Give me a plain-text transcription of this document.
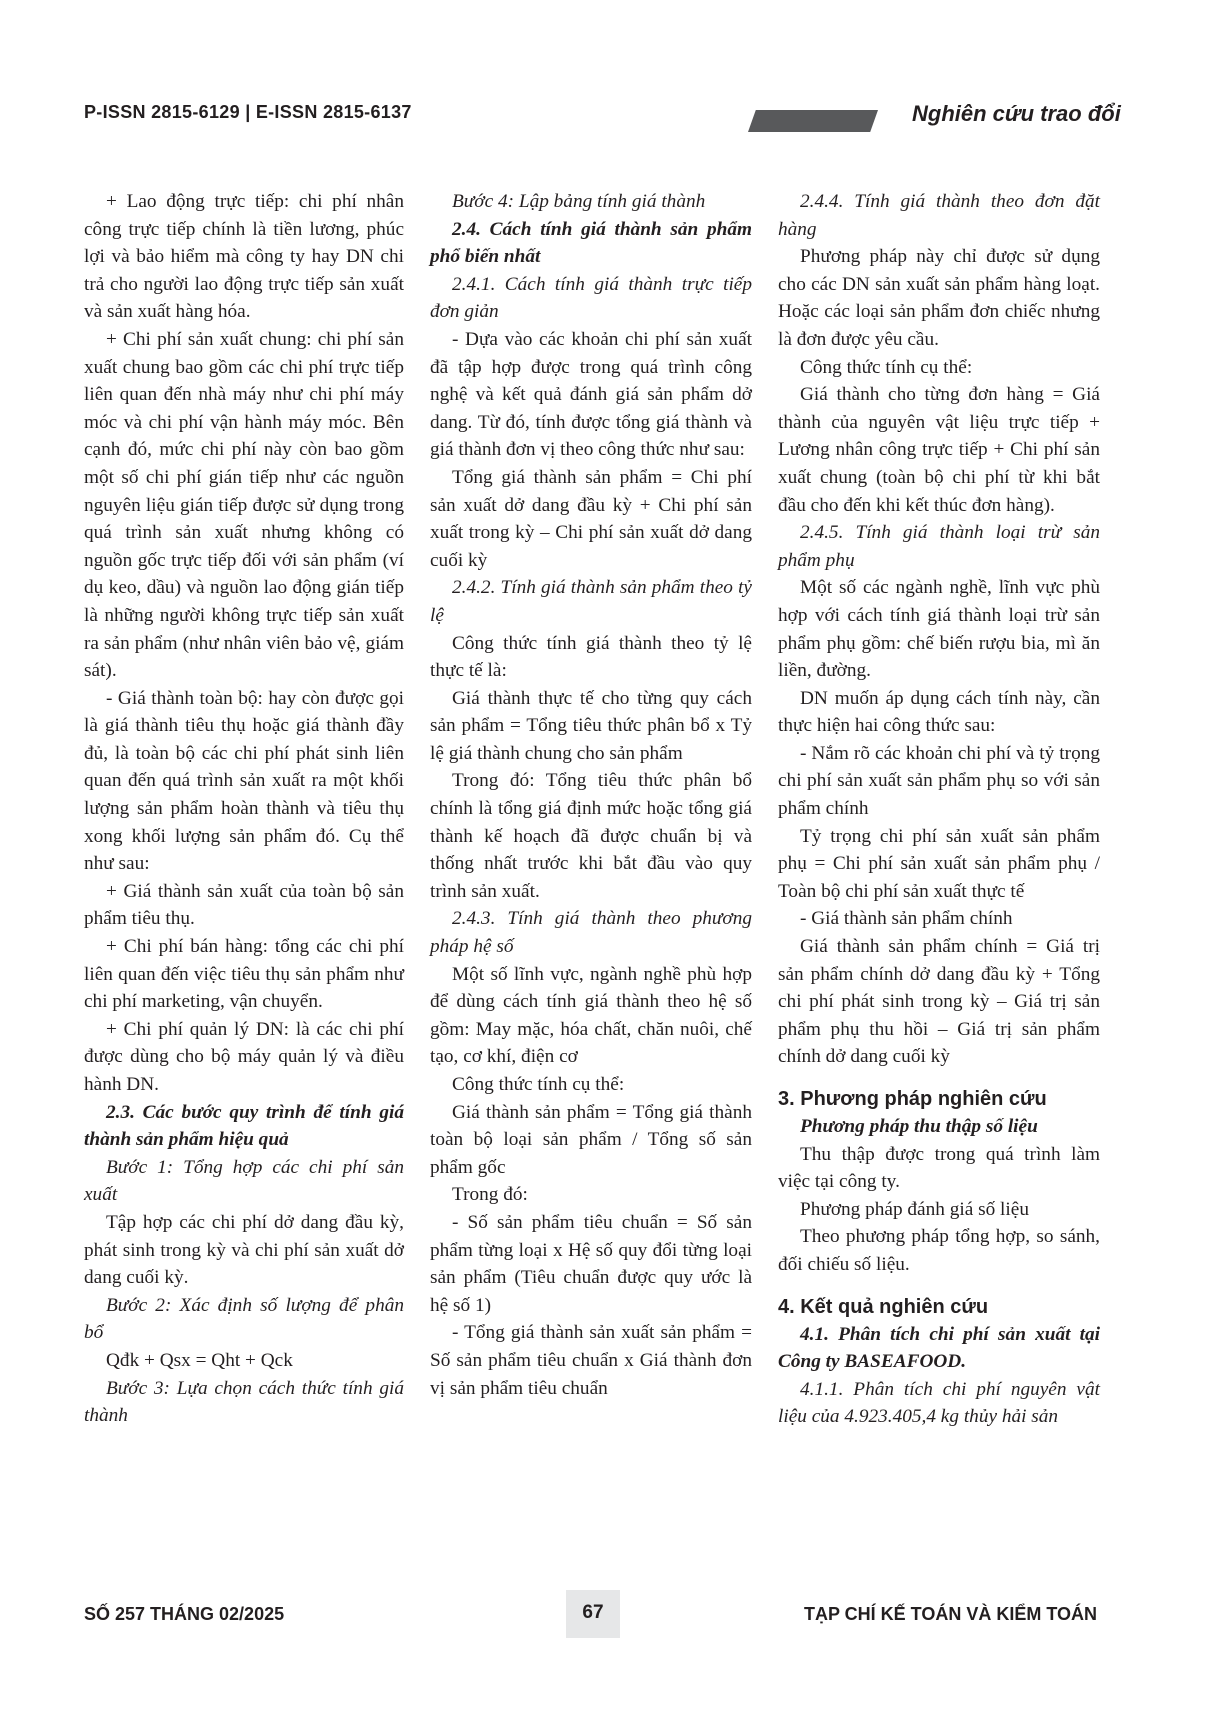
P-ISSN 2815-6129 | E-ISSN 2815-6137	Nghiên cứu trao đổi

+ Lao động trực tiếp: chi phí nhân công trực tiếp chính là tiền lương, phúc lợi và bảo hiểm mà công ty hay DN chi trả cho người lao động trực tiếp sản xuất và sản xuất hàng hóa.

+ Chi phí sản xuất chung: chi phí sản xuất chung bao gồm các chi phí trực tiếp liên quan đến nhà máy như chi phí máy móc và chi phí vận hành máy móc. Bên cạnh đó, mức chi phí này còn bao gồm một số chi phí gián tiếp như các nguồn nguyên liệu gián tiếp được sử dụng trong quá trình sản xuất nhưng không có nguồn gốc trực tiếp đối với sản phẩm (ví dụ keo, dầu) và nguồn lao động gián tiếp là những người không trực tiếp sản xuất ra sản phẩm (như nhân viên bảo vệ, giám sát).

- Giá thành toàn bộ: hay còn được gọi là giá thành tiêu thụ hoặc giá thành đầy đủ, là toàn bộ các chi phí phát sinh liên quan đến quá trình sản xuất ra một khối lượng sản phẩm hoàn thành và tiêu thụ xong khối lượng sản phẩm đó. Cụ thể như sau:

+ Giá thành sản xuất của toàn bộ sản phẩm tiêu thụ.

+ Chi phí bán hàng: tổng các chi phí liên quan đến việc tiêu thụ sản phẩm như chi phí marketing, vận chuyển.

+ Chi phí quản lý DN: là các chi phí được dùng cho bộ máy quản lý và điều hành DN.

2.3. Các bước quy trình để tính giá thành sản phẩm hiệu quả

Bước 1: Tổng hợp các chi phí sản xuất

Tập hợp các chi phí dở dang đầu kỳ, phát sinh trong kỳ và chi phí sản xuất dở dang cuối kỳ.

Bước 2: Xác định số lượng để phân bổ

Qđk + Qsx = Qht + Qck

Bước 3: Lựa chọn cách thức tính giá thành

Bước 4: Lập bảng tính giá thành

2.4. Cách tính giá thành sản phẩm phổ biến nhất

2.4.1. Cách tính giá thành trực tiếp đơn giản

- Dựa vào các khoản chi phí sản xuất đã tập hợp được trong quá trình công nghệ và kết quả đánh giá sản phẩm dở dang. Từ đó, tính được tổng giá thành và giá thành đơn vị theo công thức như sau:

Tổng giá thành sản phẩm = Chi phí sản xuất dở dang đầu kỳ + Chi phí sản xuất trong kỳ – Chi phí sản xuất dở dang cuối kỳ

2.4.2. Tính giá thành sản phẩm theo tỷ lệ

Công thức tính giá thành theo tỷ lệ thực tế là:

Giá thành thực tế cho từng quy cách sản phẩm = Tổng tiêu thức phân bổ x Tỷ lệ giá thành chung cho sản phẩm

Trong đó: Tổng tiêu thức phân bổ chính là tổng giá định mức hoặc tổng giá thành kế hoạch đã được chuẩn bị và thống nhất trước khi bắt đầu vào quy trình sản xuất.

2.4.3. Tính giá thành theo phương pháp hệ số

Một số lĩnh vực, ngành nghề phù hợp để dùng cách tính giá thành theo hệ số gồm: May mặc, hóa chất, chăn nuôi, chế tạo, cơ khí, điện cơ

Công thức tính cụ thể:

Giá thành sản phẩm = Tổng giá thành toàn bộ loại sản phẩm / Tổng số sản phẩm gốc

Trong đó:

- Số sản phẩm tiêu chuẩn = Số sản phẩm từng loại x Hệ số quy đổi từng loại sản phẩm (Tiêu chuẩn được quy ước là hệ số 1)

- Tổng giá thành sản xuất sản phẩm = Số sản phẩm tiêu chuẩn x Giá thành đơn vị sản phẩm tiêu chuẩn

2.4.4. Tính giá thành theo đơn đặt hàng

Phương pháp này chỉ được sử dụng cho các DN sản xuất sản phẩm hàng loạt. Hoặc các loại sản phẩm đơn chiếc nhưng là đơn được yêu cầu.

Công thức tính cụ thể:

Giá thành cho từng đơn hàng = Giá thành của nguyên vật liệu trực tiếp + Lương nhân công trực tiếp + Chi phí sản xuất chung (toàn bộ chi phí từ khi bắt đầu cho đến khi kết thúc đơn hàng).

2.4.5. Tính giá thành loại trừ sản phẩm phụ

Một số các ngành nghề, lĩnh vực phù hợp với cách tính giá thành loại trừ sản phẩm phụ gồm: chế biến rượu bia, mì ăn liền, đường.

DN muốn áp dụng cách tính này, cần thực hiện hai công thức sau:

- Nắm rõ các khoản chi phí và tỷ trọng chi phí sản xuất sản phẩm phụ so với sản phẩm chính

Tỷ trọng chi phí sản xuất sản phẩm phụ = Chi phí sản xuất sản phẩm phụ / Toàn bộ chi phí sản xuất thực tế

- Giá thành sản phẩm chính

Giá thành sản phẩm chính = Giá trị sản phẩm chính dở dang đầu kỳ + Tổng chi phí phát sinh trong kỳ – Giá trị sản phẩm phụ thu hồi – Giá trị sản phẩm chính dở dang cuối kỳ

3. Phương pháp nghiên cứu

Phương pháp thu thập số liệu

Thu thập được trong quá trình làm việc tại công ty.

Phương pháp đánh giá số liệu

Theo phương pháp tổng hợp, so sánh, đối chiếu số liệu.

4. Kết quả nghiên cứu

4.1. Phân tích chi phí sản xuất tại Công ty BASEAFOOD.

4.1.1. Phân tích chi phí nguyên vật liệu của 4.923.405,4 kg thủy hải sản

SỐ 257 THÁNG 02/2025	67	TẠP CHÍ KẾ TOÁN VÀ KIỂM TOÁN
